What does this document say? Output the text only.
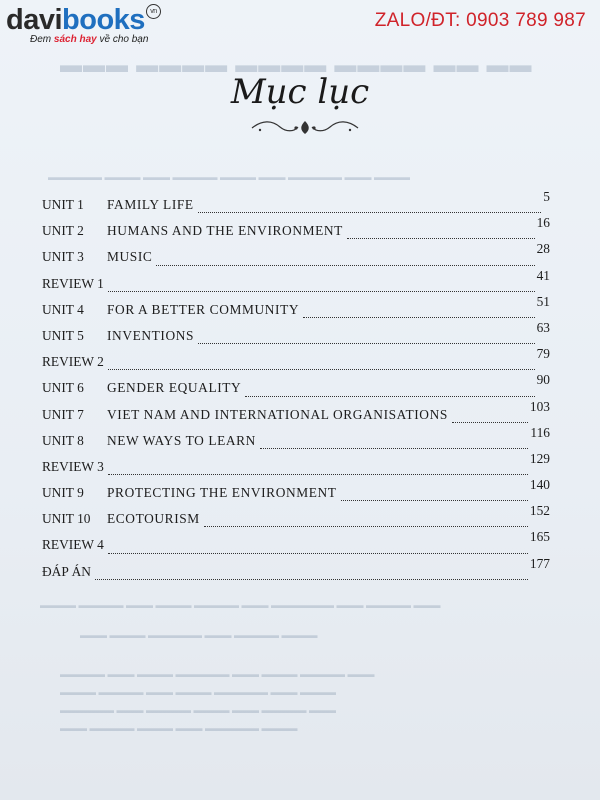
davibooks vn
Đem sách hay về cho bạn
ZALO/ĐT: 0903 789 987
▬▬▬ ▬▬▬▬ ▬▬▬▬ ▬▬▬▬ ▬▬ ▬▬
▬▬▬▬▬▬ ▬▬▬▬ ▬▬▬ ▬▬▬▬▬ ▬▬▬▬ ▬▬▬ ▬▬▬▬▬▬ ▬▬▬ ▬▬▬▬
▬▬▬▬ ▬▬▬▬▬ ▬▬▬ ▬▬▬▬ ▬▬▬▬▬ ▬▬▬ ▬▬▬▬▬▬▬ ▬▬▬ ▬▬▬▬▬ ▬▬▬
▬▬▬ ▬▬▬▬ ▬▬▬▬▬▬ ▬▬▬ ▬▬▬▬▬ ▬▬▬▬
▬▬▬▬▬ ▬▬▬ ▬▬▬▬ ▬▬▬▬▬▬ ▬▬▬ ▬▬▬▬ ▬▬▬▬▬ ▬▬▬
▬▬▬▬ ▬▬▬▬▬ ▬▬▬ ▬▬▬▬ ▬▬▬▬▬▬ ▬▬▬ ▬▬▬▬
▬▬▬▬▬▬ ▬▬▬ ▬▬▬▬▬ ▬▬▬▬ ▬▬▬ ▬▬▬▬▬ ▬▬▬
▬▬▬ ▬▬▬▬▬ ▬▬▬▬ ▬▬▬ ▬▬▬▬▬▬ ▬▬▬▬
Mục lục
UNIT 1 FAMILY LIFE
5
UNIT 2 HUMANS AND THE ENVIRONMENT
16
UNIT 3 MUSIC
28
REVIEW 1
41
UNIT 4 FOR A BETTER COMMUNITY
51
UNIT 5 INVENTIONS
63
REVIEW 2
79
UNIT 6 GENDER EQUALITY
90
UNIT 7 VIET NAM AND INTERNATIONAL ORGANISATIONS
103
UNIT 8 NEW WAYS TO LEARN
116
REVIEW 3
129
UNIT 9 PROTECTING THE ENVIRONMENT
140
UNIT 10 ECOTOURISM
152
REVIEW 4
165
ĐÁP ÁN
177
